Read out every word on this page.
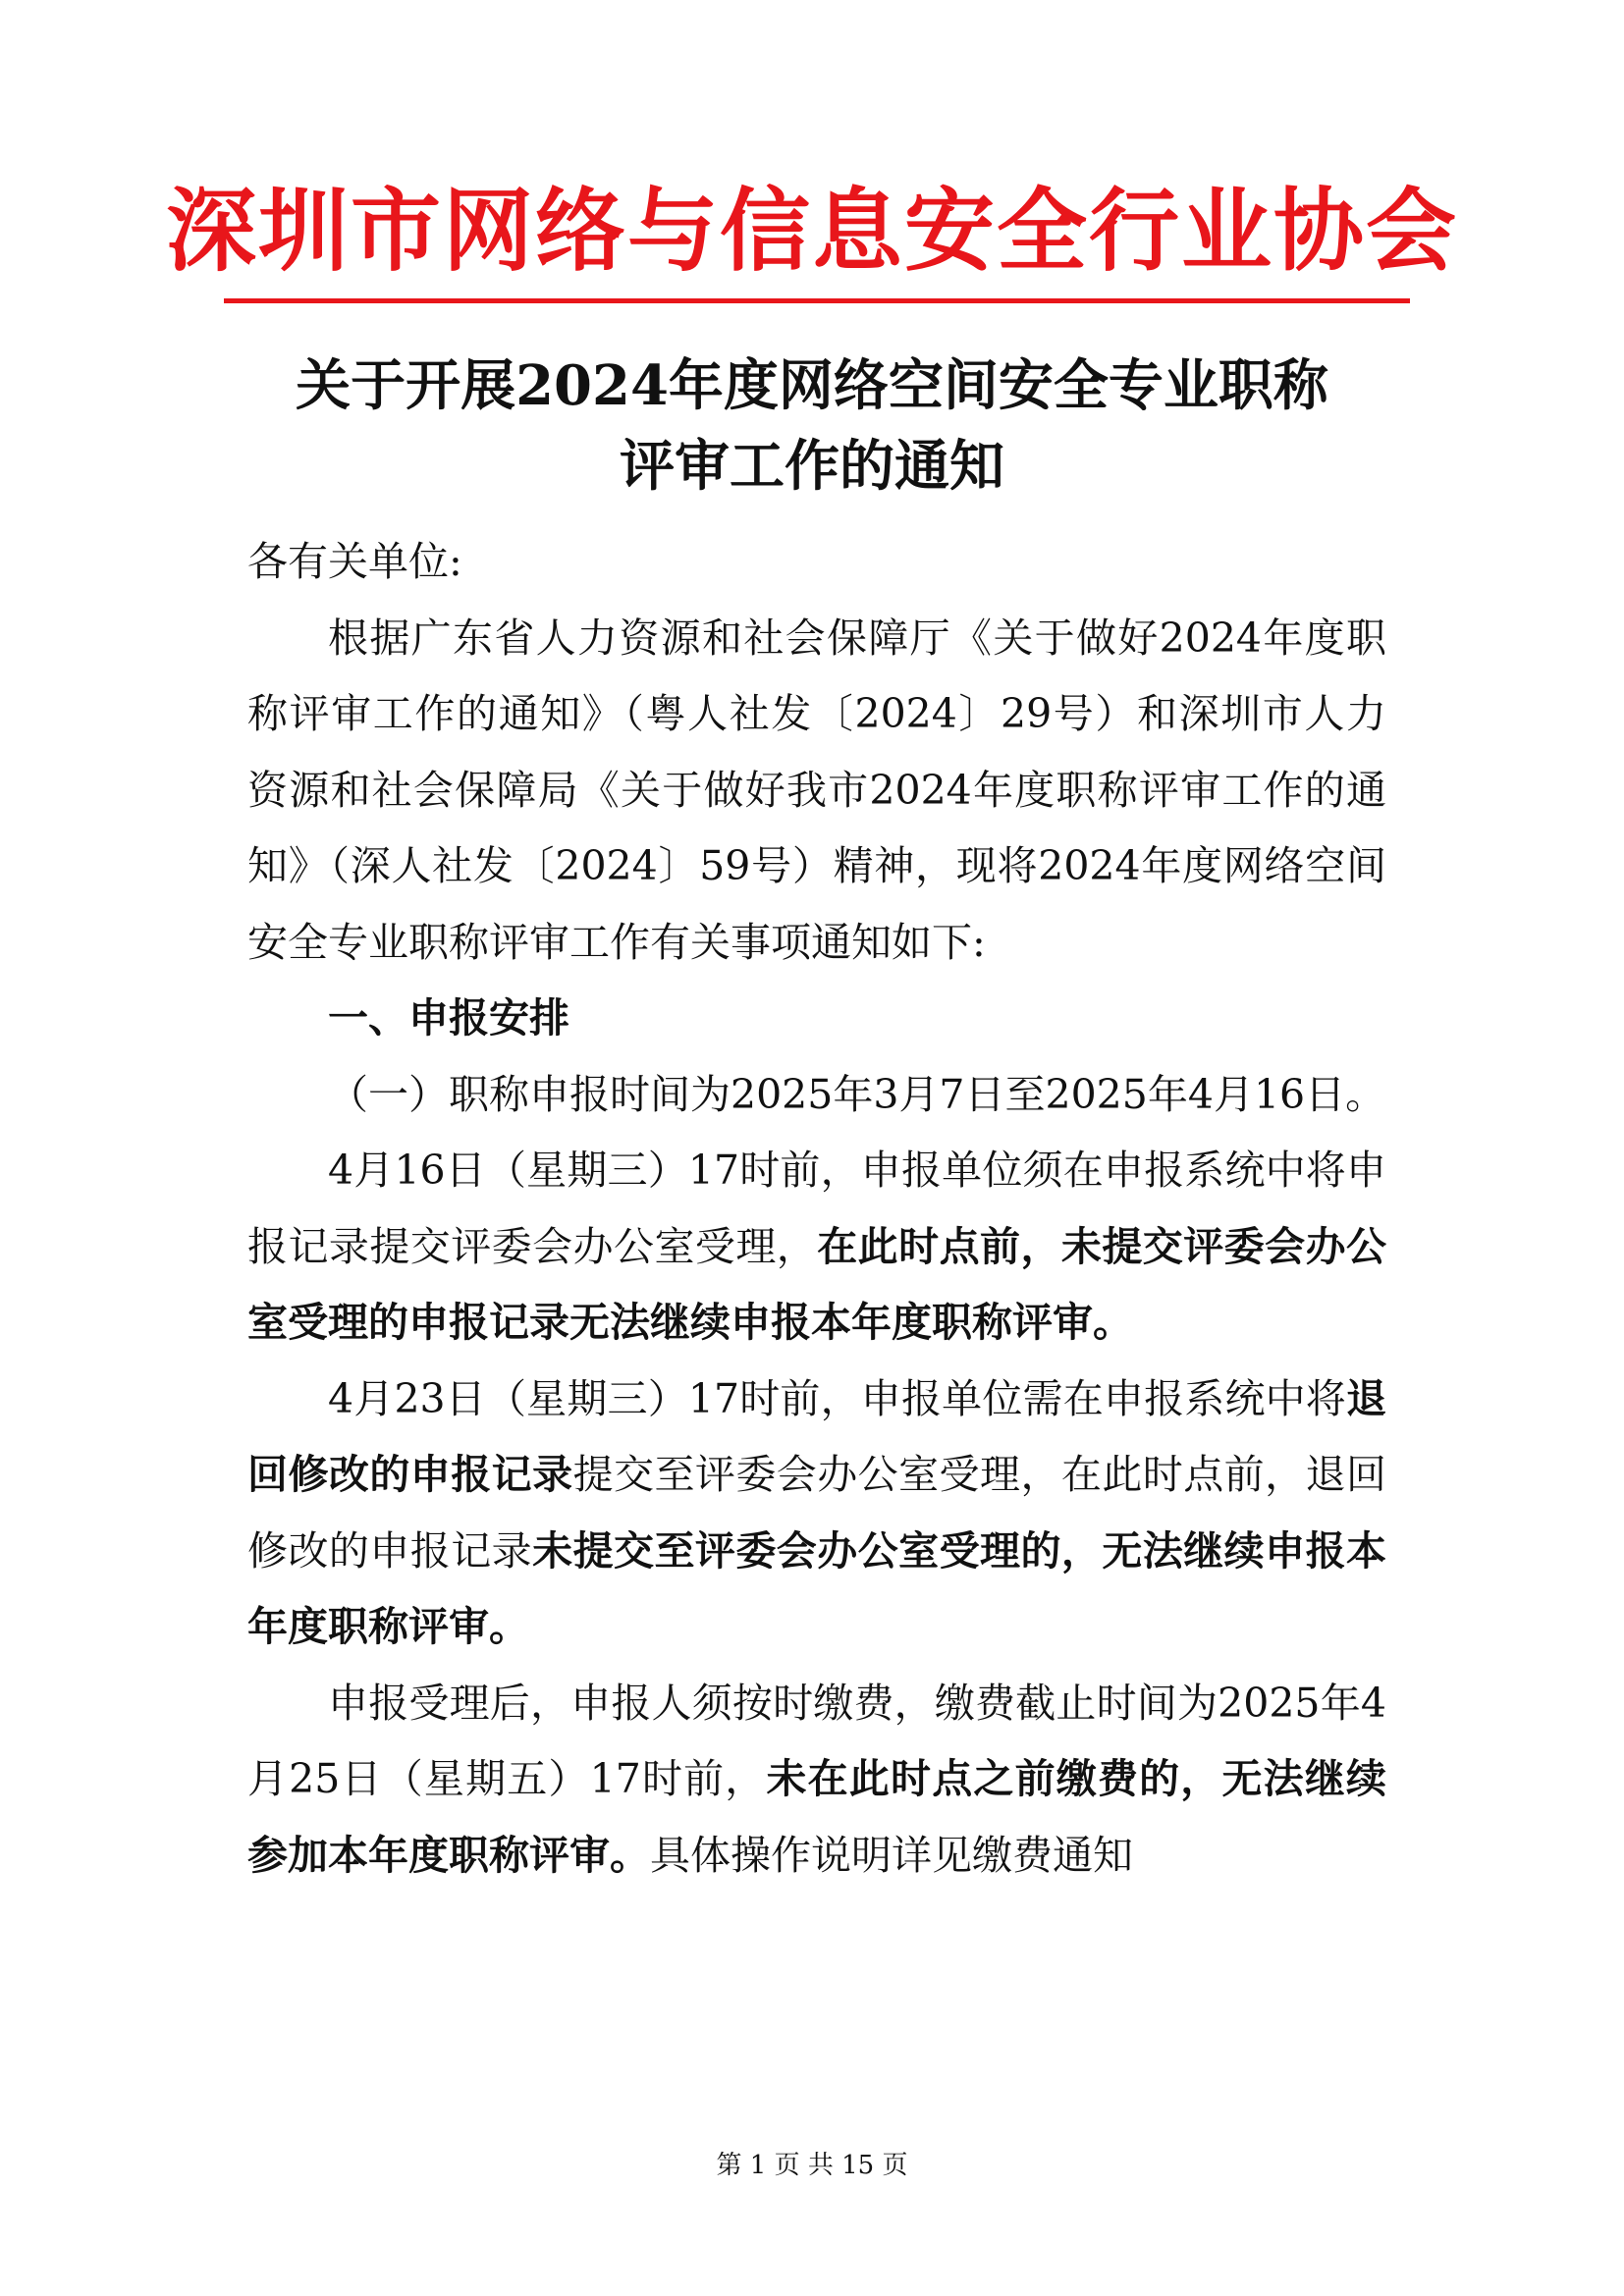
深圳市网络与信息安全行业协会
关于开展2024年度网络空间安全专业职称
评审工作的通知

各有关单位:

根据广东省人力资源和社会保障厅《关于做好2024年度职称评审工作的通知》（粤人社发〔2024〕29号）和深圳市人力资源和社会保障局《关于做好我市2024年度职称评审工作的通知》（深人社发〔2024〕59号）精神，现将2024年度网络空间安全专业职称评审工作有关事项通知如下:

一、申报安排

（一）职称申报时间为2025年3月7日至2025年4月16日。

4月16日（星期三）17时前，申报单位须在申报系统中将申报记录提交评委会办公室受理，在此时点前，未提交评委会办公室受理的申报记录无法继续申报本年度职称评审。

4月23日（星期三）17时前，申报单位需在申报系统中将退回修改的申报记录提交至评委会办公室受理，在此时点前，退回修改的申报记录未提交至评委会办公室受理的，无法继续申报本年度职称评审。

申报受理后，申报人须按时缴费，缴费截止时间为2025年4月25日（星期五）17时前，未在此时点之前缴费的，无法继续参加本年度职称评审。具体操作说明详见缴费通知

第 1 页 共 15 页
